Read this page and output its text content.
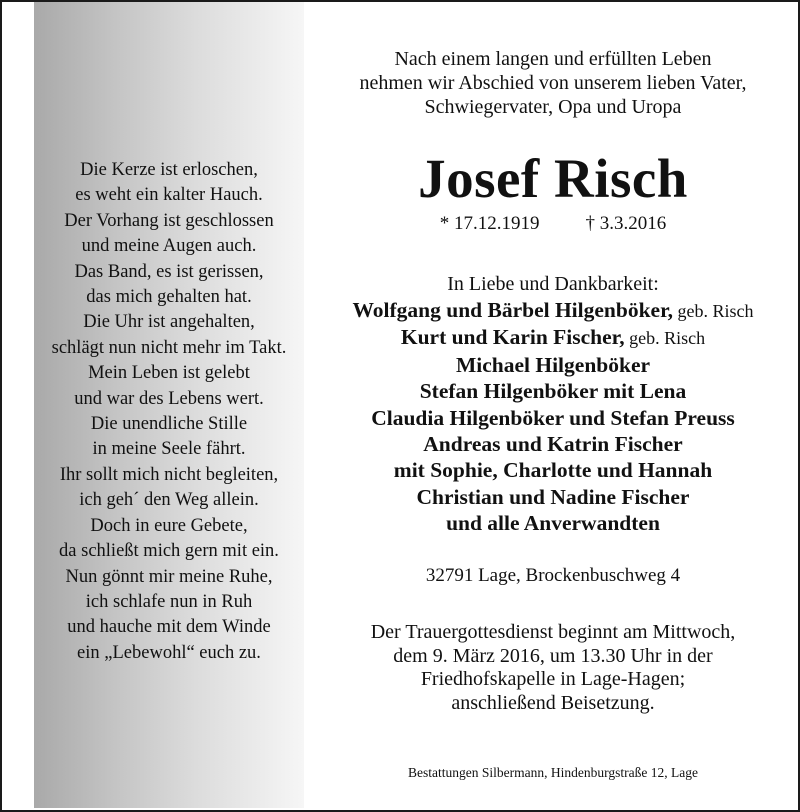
Die Kerze ist erloschen,
es weht ein kalter Hauch.
Der Vorhang ist geschlossen
und meine Augen auch.
Das Band, es ist gerissen,
das mich gehalten hat.
Die Uhr ist angehalten,
schlägt nun nicht mehr im Takt.
Mein Leben ist gelebt
und war des Lebens wert.
Die unendliche Stille
in meine Seele fährt.
Ihr sollt mich nicht begleiten,
ich geh´ den Weg allein.
Doch in eure Gebete,
da schließt mich gern mit ein.
Nun gönnt mir meine Ruhe,
ich schlafe nun in Ruh
und hauche mit dem Winde
ein „Lebewohl“ euch zu.
Nach einem langen und erfüllten Leben
nehmen wir Abschied von unserem lieben Vater,
Schwiegervater, Opa und Uropa
Josef Risch
* 17.12.1919 † 3.3.2016
In Liebe und Dankbarkeit:
Wolfgang und Bärbel Hilgenböker, geb. Risch
Kurt und Karin Fischer, geb. Risch
Michael Hilgenböker
Stefan Hilgenböker mit Lena
Claudia Hilgenböker und Stefan Preuss
Andreas und Katrin Fischer
mit Sophie, Charlotte und Hannah
Christian und Nadine Fischer
und alle Anverwandten
32791 Lage, Brockenbuschweg 4
Der Trauergottesdienst beginnt am Mittwoch,
dem 9. März 2016, um 13.30 Uhr in der
Friedhofskapelle in Lage-Hagen;
anschließend Beisetzung.
Bestattungen Silbermann, Hindenburgstraße 12, Lage
